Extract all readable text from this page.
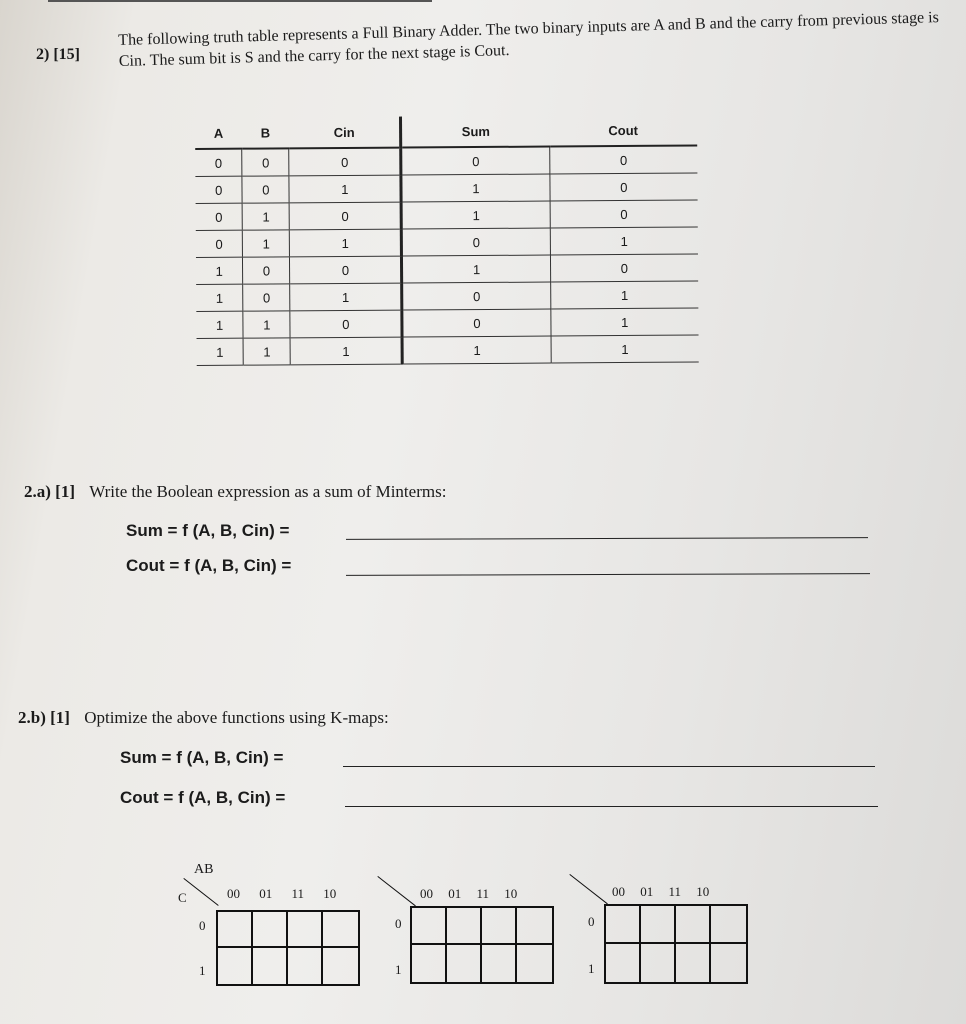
2) [15]
The following truth table represents a Full Binary Adder. The two binary inputs are A and B and the carry from previous stage is Cin. The sum bit is S and the carry for the next stage is Cout.
A	B	Cin	Sum	Cout
0	0	0	0	0
0	0	1	1	0
0	1	0	1	0
0	1	1	0	1
1	0	0	1	0
1	0	1	0	1
1	1	0	0	1
1	1	1	1	1
2.a) [1] Write the Boolean expression as a sum of Minterms:
Sum = f (A, B, Cin) =
Cout = f (A, B, Cin) =
2.b) [1] Optimize the above functions using K-maps:
Sum = f (A, B, Cin) =
Cout = f (A, B, Cin) =
AB
C	00 01 11 10
0
1
00 01 11 10
0
1
00 01 11 10
0
1
